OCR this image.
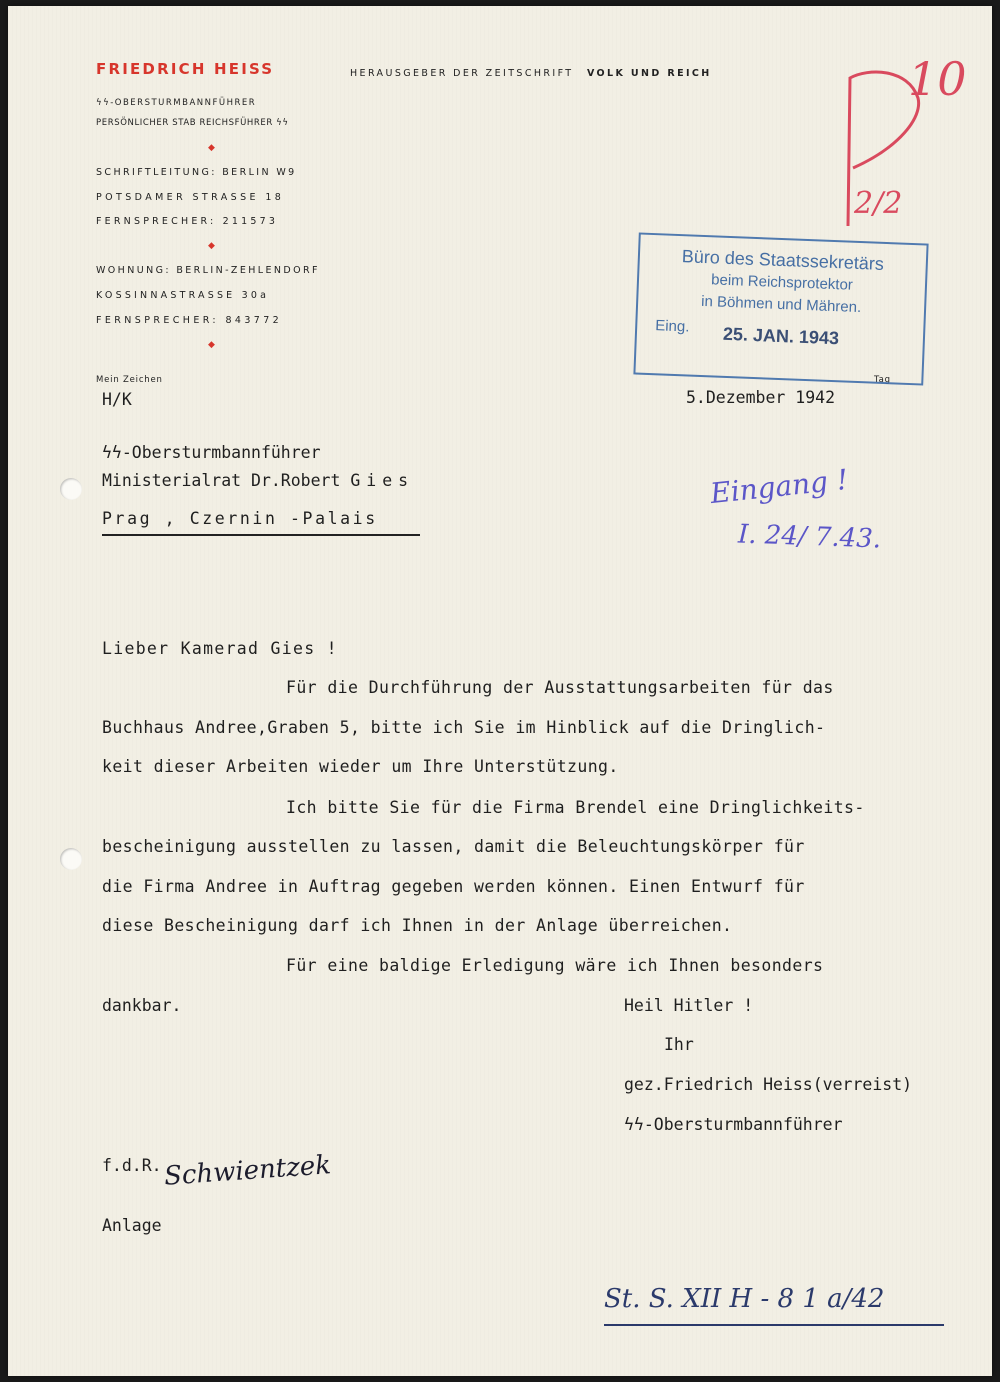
FRIEDRICH HEISS	HERAUSGEBER DER ZEITSCHRIFT VOLK UND REICH
ϟϟ-OBERSTURMBANNFÜHRER
PERSÖNLICHER STAB REICHSFÜHRER ϟϟ
◆
SCHRIFTLEITUNG: BERLIN W9
POTSDAMER STRASSE 18
FERNSPRECHER: 211573
◆
WOHNUNG: BERLIN-ZEHLENDORF
KOSSINNASTRASSE 30a
FERNSPRECHER: 843772
◆
Mein Zeichen
H/K
Tag
5.Dezember 1942
Büro des Staatssekretärs
beim Reichsprotektor
in Böhmen und Mähren.
Eing. 25. JAN. 1943
10
2/2
Eingang !
I. 24/ 7.43.
ϟϟ-Obersturmbannführer
Ministerialrat Dr.Robert Gies
Prag , Czernin -Palais
Lieber Kamerad Gies !
Für die Durchführung der Ausstattungsarbeiten für das
Buchhaus Andree,Graben 5, bitte ich Sie im Hinblick auf die Dringlich-
keit dieser Arbeiten wieder um Ihre Unterstützung.
Ich bitte Sie für die Firma Brendel eine Dringlichkeits-
bescheinigung ausstellen zu lassen, damit die Beleuchtungskörper für
die Firma Andree in Auftrag gegeben werden können. Einen Entwurf für
diese Bescheinigung darf ich Ihnen in der Anlage überreichen.
Für eine baldige Erledigung wäre ich Ihnen besonders
dankbar.	Heil Hitler !
Ihr
gez.Friedrich Heiss(verreist)
ϟϟ-Obersturmbannführer
f.d.R. Schwientzek
Anlage
St. S. XII H - 8 1 a/42
